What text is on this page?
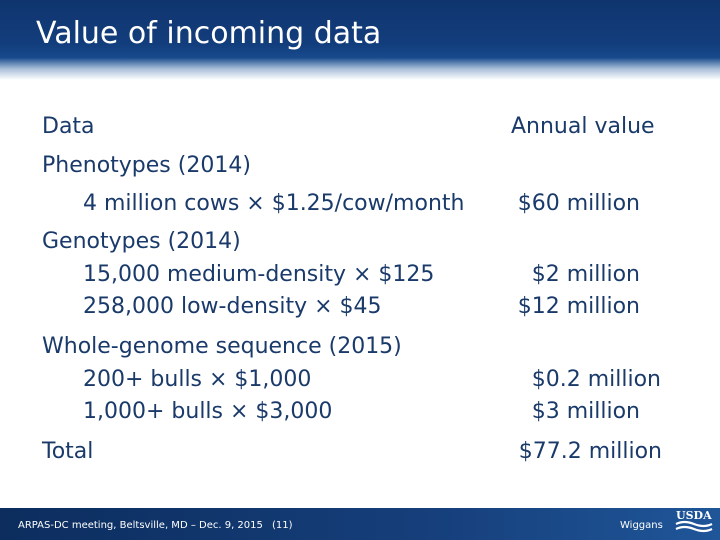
Value of incoming data
Data	Annual value
Phenotypes (2014)
4 million cows × $1.25/cow/month $60 million
Genotypes (2014)
15,000 medium-density × $125	$2 million
258,000 low-density × $45	$12 million
Whole-genome sequence (2015)
200+ bulls × $1,000	$0.2 million
1,000+ bulls × $3,000	$3 million
Total	$77.2 million
ARPAS-DC meeting, Beltsville, MD – Dec. 9, 2015 (11)	Wiggans
USDA
